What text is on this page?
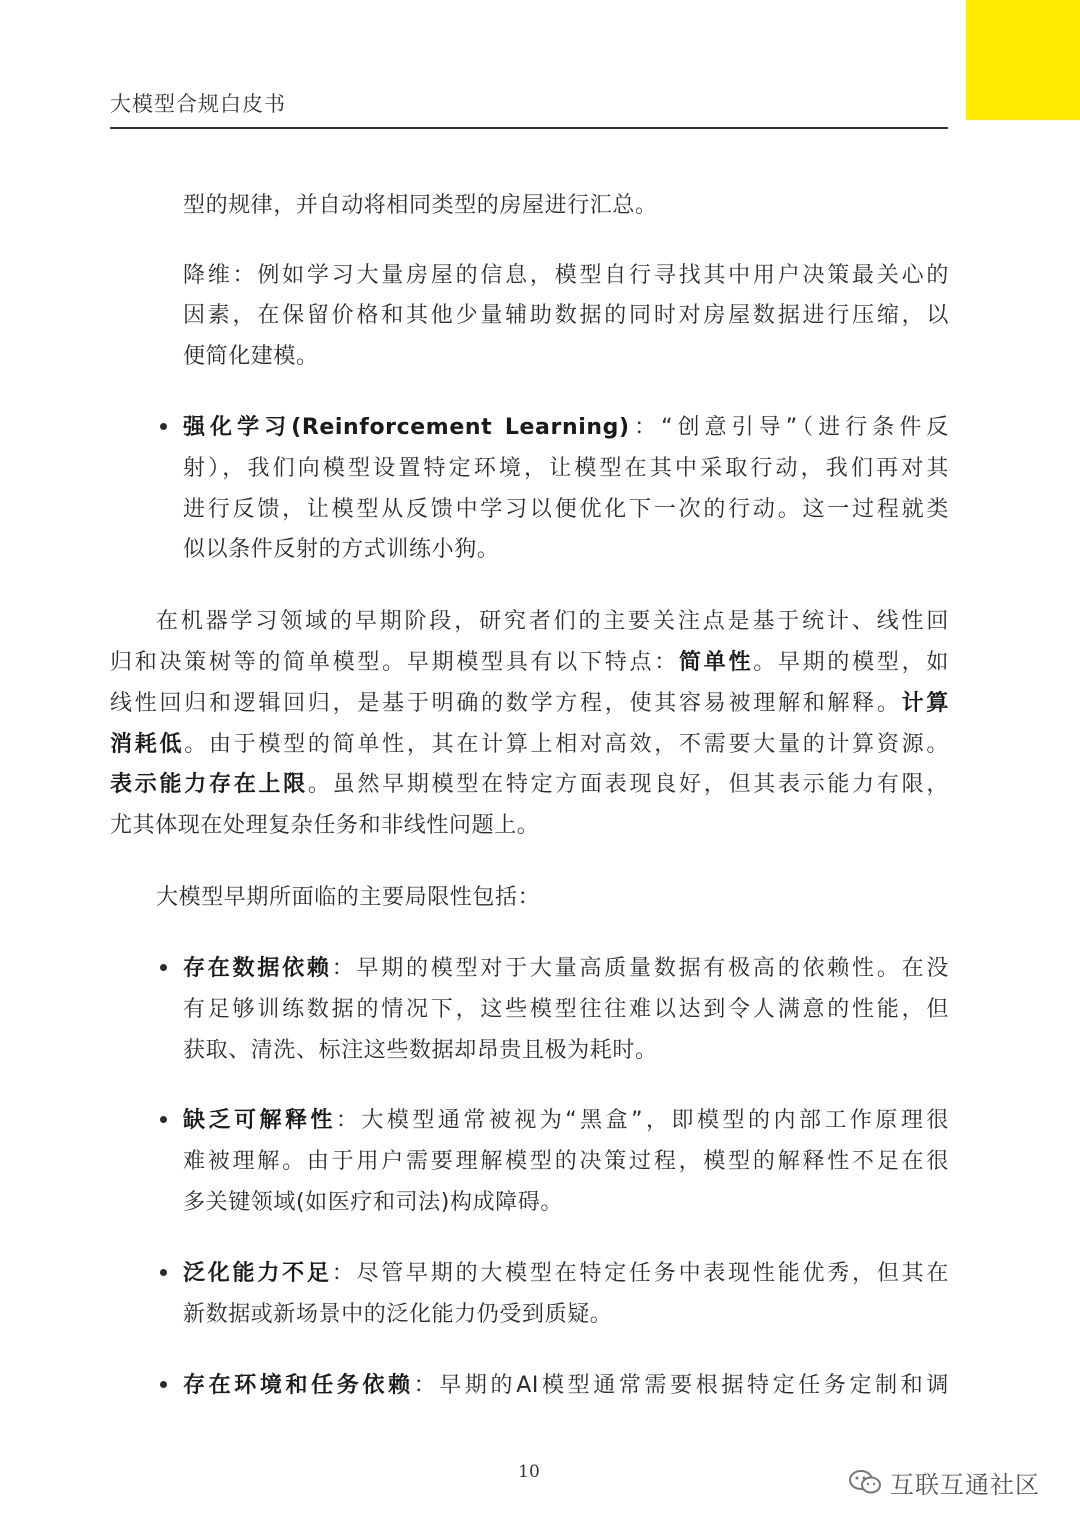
大模型合规白皮书
型的规律，并自动将相同类型的房屋进行汇总。
降维：例如学习大量房屋的信息，模型自行寻找其中用户决策最关心的
因素，在保留价格和其他少量辅助数据的同时对房屋数据进行压缩，以
便简化建模。
强化学习(Reinforcement Learning)：“创意引导”（进行条件反
射），我们向模型设置特定环境，让模型在其中采取行动，我们再对其
进行反馈，让模型从反馈中学习以便优化下一次的行动。这一过程就类
似以条件反射的方式训练小狗。
在机器学习领域的早期阶段，研究者们的主要关注点是基于统计、线性回
归和决策树等的简单模型。早期模型具有以下特点：简单性。早期的模型，如
线性回归和逻辑回归，是基于明确的数学方程，使其容易被理解和解释。计算
消耗低。由于模型的简单性，其在计算上相对高效，不需要大量的计算资源。
表示能力存在上限。虽然早期模型在特定方面表现良好，但其表示能力有限，
尤其体现在处理复杂任务和非线性问题上。
大模型早期所面临的主要局限性包括：
存在数据依赖：早期的模型对于大量高质量数据有极高的依赖性。在没
有足够训练数据的情况下，这些模型往往难以达到令人满意的性能，但
获取、清洗、标注这些数据却昂贵且极为耗时。
缺乏可解释性：大模型通常被视为“黑盒”，即模型的内部工作原理很
难被理解。由于用户需要理解模型的决策过程，模型的解释性不足在很
多关键领域(如医疗和司法)构成障碍。
泛化能力不足：尽管早期的大模型在特定任务中表现性能优秀，但其在
新数据或新场景中的泛化能力仍受到质疑。
存在环境和任务依赖：早期的AI模型通常需要根据特定任务定制和调
10	互联互通社区
